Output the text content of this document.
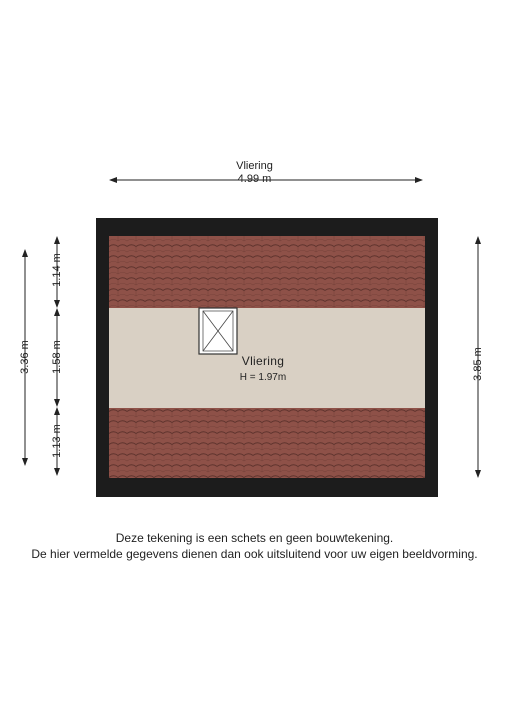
Vliering
4.99 m
3.36 m
1.14 m
1.58 m
1.13 m
3.85 m
Vliering
H = 1.97m
Deze tekening is een schets en geen bouwtekening.
De hier vermelde gegevens dienen dan ook uitsluitend voor uw eigen beeldvorming.
